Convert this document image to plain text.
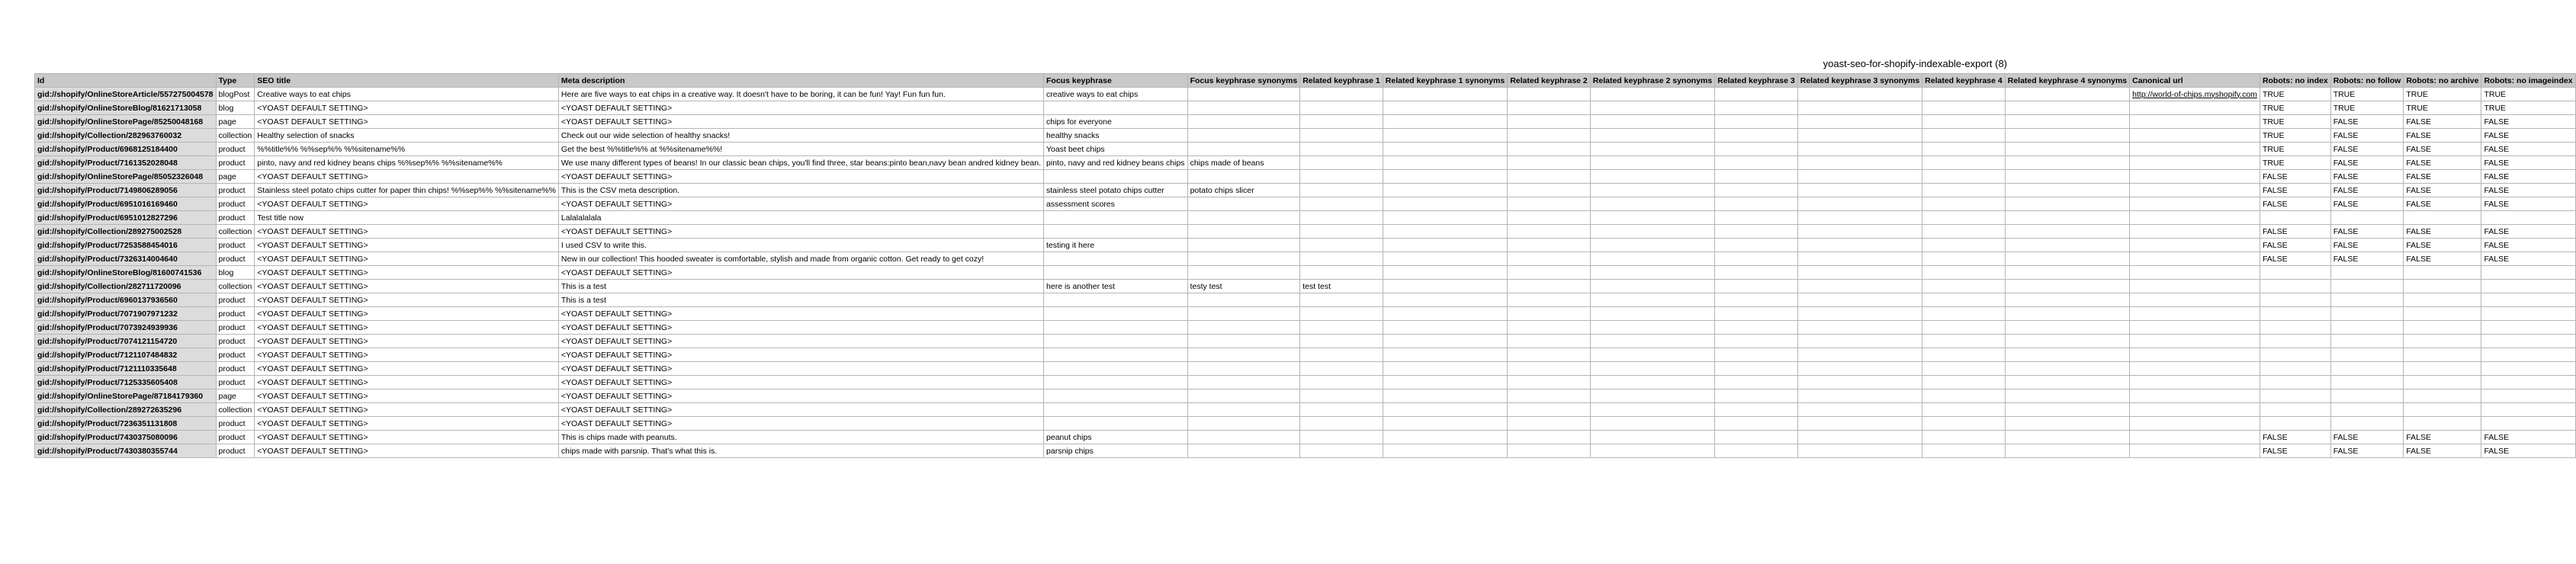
yoast-seo-for-shopify-indexable-export (8)
Id	Type	SEO title	Meta description	Focus keyphrase	Focus keyphrase synonyms	Related keyphrase 1	Related keyphrase 1 synonyms	Related keyphrase 2	Related keyphrase 2 synonyms	Related keyphrase 3	Related keyphrase 3 synonyms	Related keyphrase 4	Related keyphrase 4 synonyms	Canonical url	Robots: no index	Robots: no follow	Robots: no archive	Robots: no imageindex
gid://shopify/OnlineStoreArticle/557275004578	blogPost	Creative ways to eat chips	Here are five ways to eat chips in a creative way. It doesn't have to be boring, it can be fun! Yay! Fun fun fun.	creative ways to eat chips										http://world-of-chips.myshopify.com	TRUE	TRUE	TRUE	TRUE
gid://shopify/OnlineStoreBlog/81621713058	blog	<YOAST DEFAULT SETTING>	<YOAST DEFAULT SETTING>												TRUE	TRUE	TRUE	TRUE
gid://shopify/OnlineStorePage/85250048168	page	<YOAST DEFAULT SETTING>	<YOAST DEFAULT SETTING>	chips for everyone											TRUE	FALSE	FALSE	FALSE
gid://shopify/Collection/282963760032	collection	Healthy selection of snacks	Check out our wide selection of healthy snacks!	healthy snacks											TRUE	FALSE	FALSE	FALSE
gid://shopify/Product/6968125184400	product	%%title%% %%sep%% %%sitename%%	Get the best %%title%% at %%sitename%%!	Yoast beet chips											TRUE	FALSE	FALSE	FALSE
gid://shopify/Product/7161352028048	product	pinto, navy and red kidney beans chips %%sep%% %%sitename%%	We use many different types of beans! In our classic bean chips, you'll find three, star beans:pinto bean,navy bean andred kidney bean.	pinto, navy and red kidney beans chips	chips made of beans										TRUE	FALSE	FALSE	FALSE
gid://shopify/OnlineStorePage/85052326048	page	<YOAST DEFAULT SETTING>	<YOAST DEFAULT SETTING>												FALSE	FALSE	FALSE	FALSE
gid://shopify/Product/7149806289056	product	Stainless steel potato chips cutter for paper thin chips! %%sep%% %%sitename%%	This is the CSV meta description.	stainless steel potato chips cutter	potato chips slicer										FALSE	FALSE	FALSE	FALSE
gid://shopify/Product/6951016169460	product	<YOAST DEFAULT SETTING>	<YOAST DEFAULT SETTING>	assessment scores											FALSE	FALSE	FALSE	FALSE
gid://shopify/Product/6951012827296	product	Test title now	Lalalalalala															
gid://shopify/Collection/289275002528	collection	<YOAST DEFAULT SETTING>	<YOAST DEFAULT SETTING>												FALSE	FALSE	FALSE	FALSE
gid://shopify/Product/7253588454016	product	<YOAST DEFAULT SETTING>	I used CSV to write this.	testing it here											FALSE	FALSE	FALSE	FALSE
gid://shopify/Product/7326314004640	product	<YOAST DEFAULT SETTING>	New in our collection! This hooded sweater is comfortable, stylish and made from organic cotton. Get ready to get cozy!												FALSE	FALSE	FALSE	FALSE
gid://shopify/OnlineStoreBlog/81600741536	blog	<YOAST DEFAULT SETTING>	<YOAST DEFAULT SETTING>															
gid://shopify/Collection/282711720096	collection	<YOAST DEFAULT SETTING>	This is a test	here is another test	testy test	test test												
gid://shopify/Product/6960137936560	product	<YOAST DEFAULT SETTING>	This is a test															
gid://shopify/Product/7071907971232	product	<YOAST DEFAULT SETTING>	<YOAST DEFAULT SETTING>															
gid://shopify/Product/7073924939936	product	<YOAST DEFAULT SETTING>	<YOAST DEFAULT SETTING>															
gid://shopify/Product/7074121154720	product	<YOAST DEFAULT SETTING>	<YOAST DEFAULT SETTING>															
gid://shopify/Product/7121107484832	product	<YOAST DEFAULT SETTING>	<YOAST DEFAULT SETTING>															
gid://shopify/Product/7121110335648	product	<YOAST DEFAULT SETTING>	<YOAST DEFAULT SETTING>															
gid://shopify/Product/7125335605408	product	<YOAST DEFAULT SETTING>	<YOAST DEFAULT SETTING>															
gid://shopify/OnlineStorePage/87184179360	page	<YOAST DEFAULT SETTING>	<YOAST DEFAULT SETTING>															
gid://shopify/Collection/289272635296	collection	<YOAST DEFAULT SETTING>	<YOAST DEFAULT SETTING>															
gid://shopify/Product/7236351131808	product	<YOAST DEFAULT SETTING>	<YOAST DEFAULT SETTING>															
gid://shopify/Product/7430375080096	product	<YOAST DEFAULT SETTING>	This is chips made with peanuts.	peanut chips											FALSE	FALSE	FALSE	FALSE
gid://shopify/Product/7430380355744	product	<YOAST DEFAULT SETTING>	chips made with parsnip. That's what this is.	parsnip chips											FALSE	FALSE	FALSE	FALSE
